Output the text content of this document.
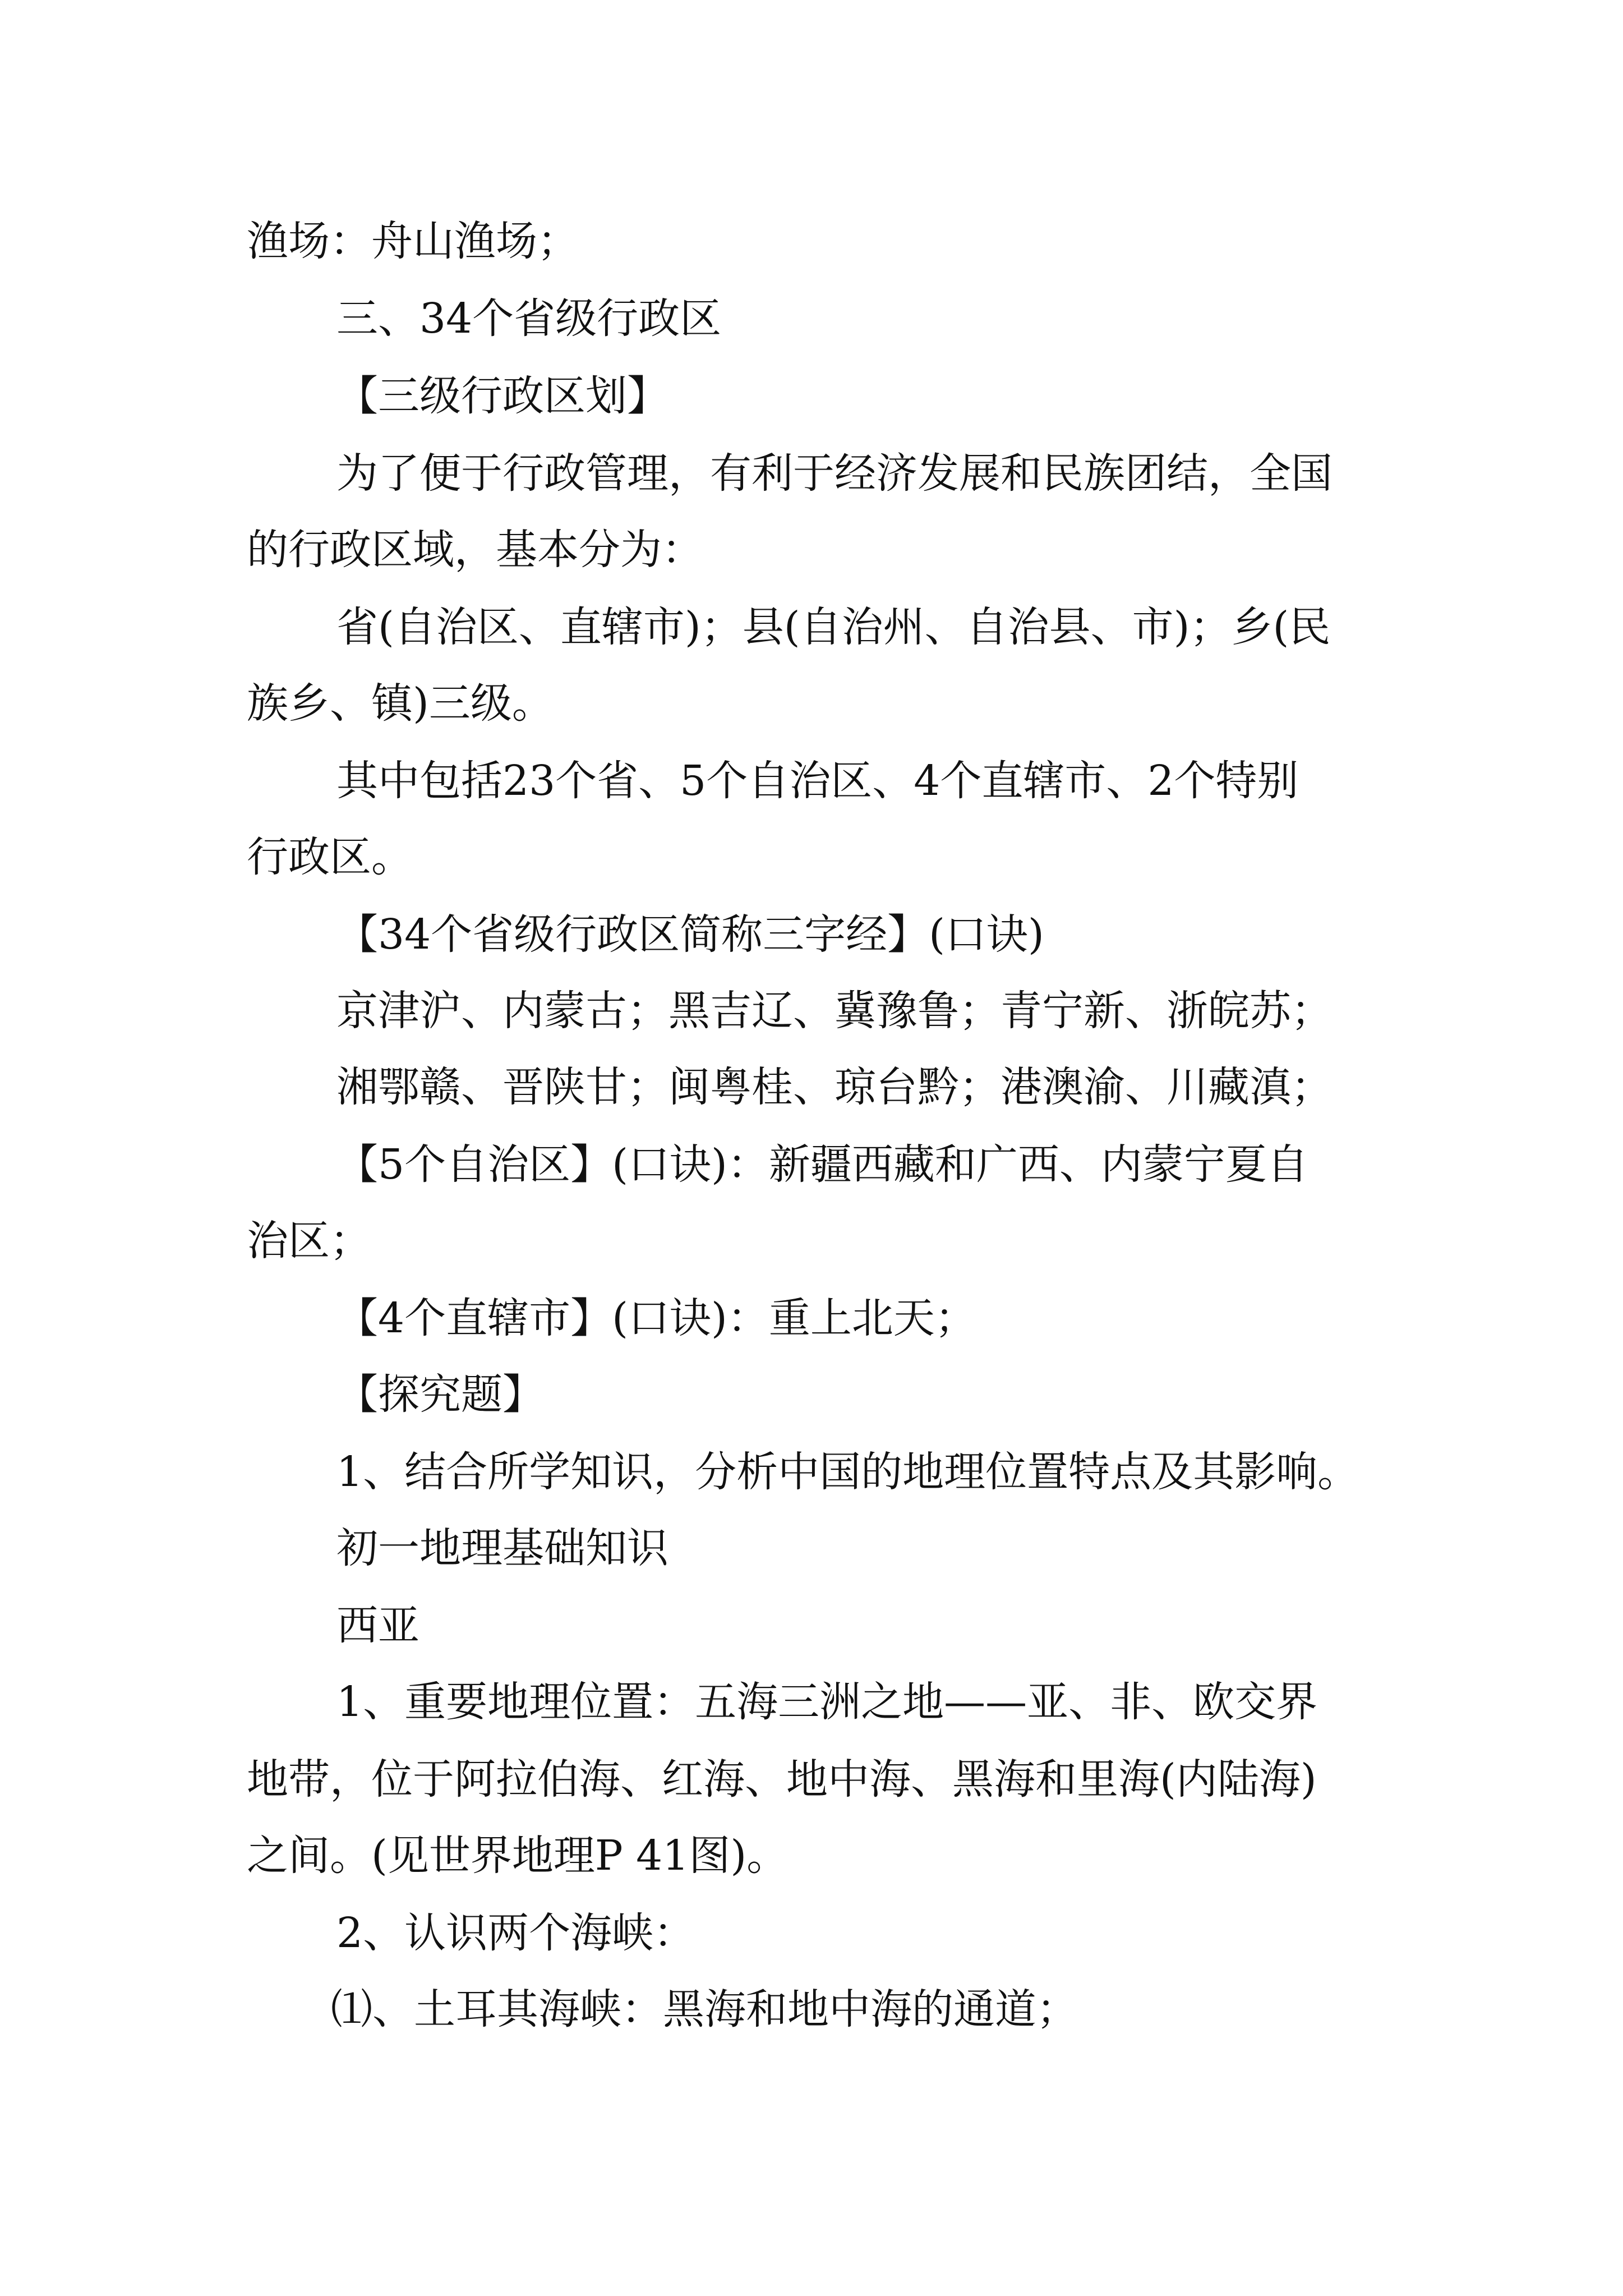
渔场：舟山渔场；
三、34个省级行政区
【三级行政区划】
为了便于行政管理，有利于经济发展和民族团结，全国
的行政区域，基本分为：
省(自治区、直辖市)；县(自治州、自治县、市)；乡(民
族乡、镇)三级。
其中包括23个省、5个自治区、4个直辖市、2个特别
行政区。
【34个省级行政区简称三字经】(口诀)
京津沪、内蒙古；黑吉辽、冀豫鲁；青宁新、浙皖苏；
湘鄂赣、晋陕甘；闽粤桂、琼台黔；港澳渝、川藏滇；
【5个自治区】(口诀)：新疆西藏和广西、内蒙宁夏自
治区；
【4个直辖市】(口诀)：重上北天；
【探究题】
1、结合所学知识，分析中国的地理位置特点及其影响。
初一地理基础知识
西亚
1、重要地理位置：五海三洲之地——亚、非、欧交界
地带，位于阿拉伯海、红海、地中海、黑海和里海(内陆海)
之间。(见世界地理P 41图)。
2、认识两个海峡：
⑴、土耳其海峡：黑海和地中海的通道；
